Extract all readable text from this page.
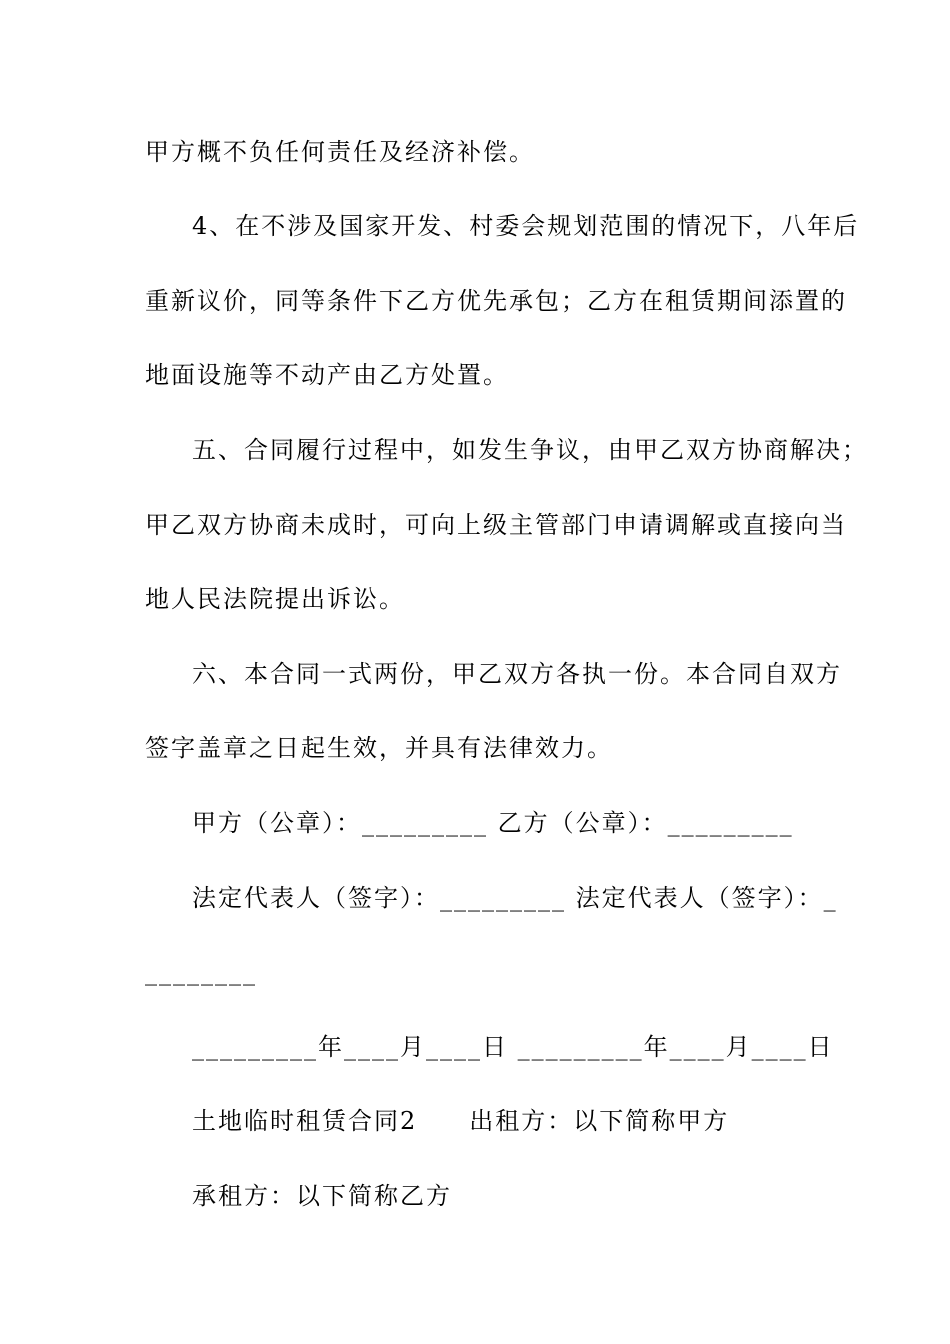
甲方概不负任何责任及经济补偿。
4、在不涉及国家开发、村委会规划范围的情况下，八年后
重新议价，同等条件下乙方优先承包；乙方在租赁期间添置的
地面设施等不动产由乙方处置。
五、合同履行过程中，如发生争议，由甲乙双方协商解决；
甲乙双方协商未成时，可向上级主管部门申请调解或直接向当
地人民法院提出诉讼。
六、本合同一式两份，甲乙双方各执一份。本合同自双方
签字盖章之日起生效，并具有法律效力。
甲方（公章）：_________ 乙方（公章）：_________
法定代表人（签字）：_________ 法定代表人（签字）：_
________
_________年____月____日 _________年____月____日
土地临时租赁合同2　　出租方：以下简称甲方
承租方：以下简称乙方
